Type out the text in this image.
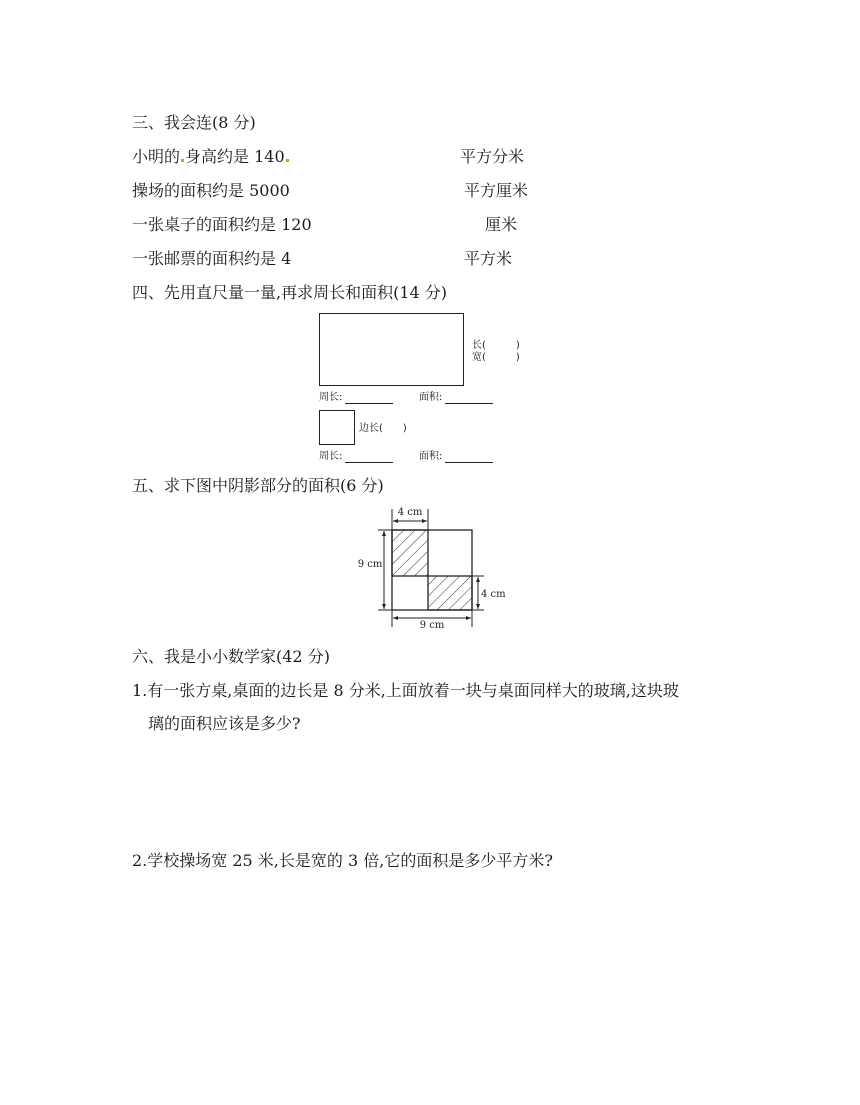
三、我会连(8 分)
小明的 身高约是 140	平方分米
操场的面积约是 5000	平方厘米
一张桌子的面积约是 120	厘米
一张邮票的面积约是 4	平方米
四、先用直尺量一量,再求周长和面积(14 分)
长(　　　)
宽(　　　)
周长:	面积:
边长(　　)
周长:	面积:
五、求下图中阴影部分的面积(6 分)
4 cm
9 cm
4 cm
9 cm
六、我是小小数学家(42 分)
1.有一张方桌,桌面的边长是 8 分米,上面放着一块与桌面同样大的玻璃,这块玻
璃的面积应该是多少?
2.学校操场宽 25 米,长是宽的 3 倍,它的面积是多少平方米?
